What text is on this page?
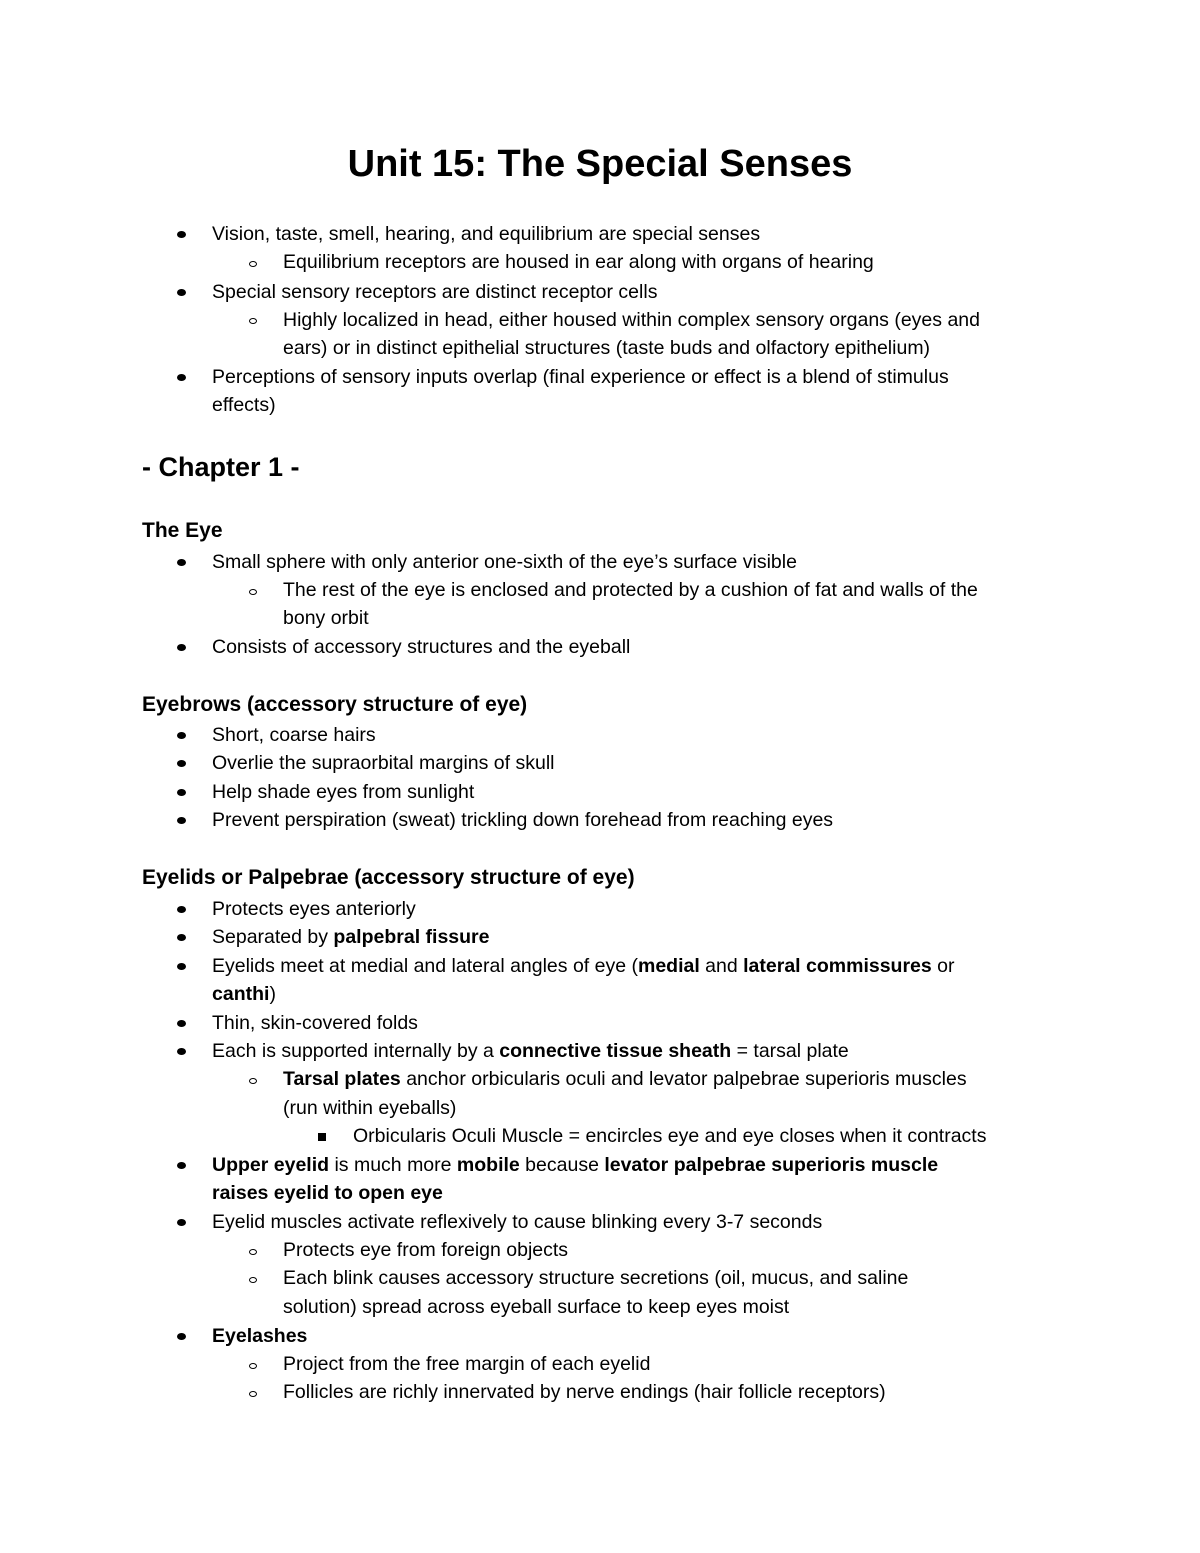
Unit 15: The Special Senses
Vision, taste, smell, hearing, and equilibrium are special senses
Equilibrium receptors are housed in ear along with organs of hearing
Special sensory receptors are distinct receptor cells
Highly localized in head, either housed within complex sensory organs (eyes and
ears) or in distinct epithelial structures (taste buds and olfactory epithelium)
Perceptions of sensory inputs overlap (final experience or effect is a blend of stimulus
effects)
- Chapter 1 -
The Eye
Small sphere with only anterior one-sixth of the eye’s surface visible
The rest of the eye is enclosed and protected by a cushion of fat and walls of the
bony orbit
Consists of accessory structures and the eyeball
Eyebrows (accessory structure of eye)
Short, coarse hairs
Overlie the supraorbital margins of skull
Help shade eyes from sunlight
Prevent perspiration (sweat) trickling down forehead from reaching eyes
Eyelids or Palpebrae (accessory structure of eye)
Protects eyes anteriorly
Separated by palpebral fissure
Eyelids meet at medial and lateral angles of eye (medial and lateral commissures or
canthi)
Thin, skin-covered folds
Each is supported internally by a connective tissue sheath = tarsal plate
Tarsal plates anchor orbicularis oculi and levator palpebrae superioris muscles
(run within eyeballs)
Orbicularis Oculi Muscle = encircles eye and eye closes when it contracts
Upper eyelid is much more mobile because levator palpebrae superioris muscle
raises eyelid to open eye
Eyelid muscles activate reflexively to cause blinking every 3-7 seconds
Protects eye from foreign objects
Each blink causes accessory structure secretions (oil, mucus, and saline
solution) spread across eyeball surface to keep eyes moist
Eyelashes
Project from the free margin of each eyelid
Follicles are richly innervated by nerve endings (hair follicle receptors)
